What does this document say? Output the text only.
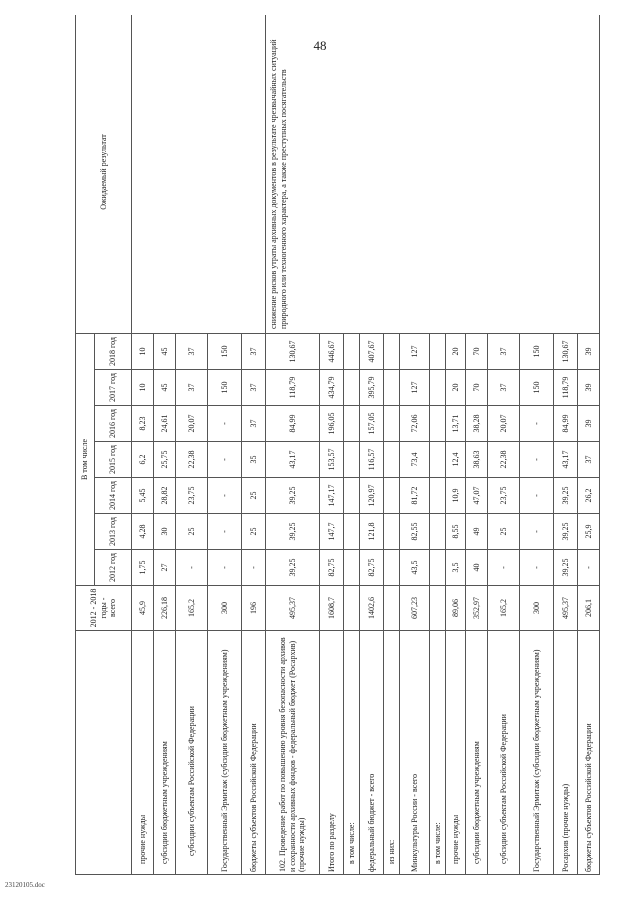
48
	2012 - 2018 годы - всего	В том числе							Ожидаемый результат
		2012 год	2013 год	2014 год	2015 год	2016 год	2017 год	2018 год	
прочие нужды	45,9	1,75	4,28	5,45	6,2	8,23	10	10	
субсидии бюджетным учреждениям	226,18	27	30	28,82	25,75	24,61	45	45	
субсидии субъектам Российской Федерации	165,2	-	25	23,75	22,38	20,07	37	37	
Государственный Эрмитаж (субсидии бюджетным учреждениям)	300	-	-	-	-	-	150	150	
бюджеты субъектов Российской Федерации	196	-	25	25	35	37	37	37	
102. Проведение работ по повышению уровня безопасности архивов и сохранности архивных фондов - федеральный бюджет (Росархив) (прочие нужды)	495,37	39,25	39,25	39,25	43,17	84,99	118,79	130,67	снижение рисков утраты архивных документов в результате чрезвычайных ситуаций природного или техногенного характера, а также преступных посягательств
Итого по разделу	1608,7	82,75	147,7	147,17	153,57	196,05	434,79	446,67	
в том числе:									
федеральный бюджет - всего	1402,6	82,75	121,8	120,97	116,57	157,05	395,79	407,67	
из них:									
Минкультуры России - всего	607,23	43,5	82,55	81,72	73,4	72,06	127	127	
в том числе:									
прочие нужды	89,06	3,5	8,55	10,9	12,4	13,71	20	20	
субсидии бюджетным учреждениям	352,97	40	49	47,07	38,63	38,28	70	70	
субсидии субъектам Российской Федерации	165,2	-	25	23,75	22,38	20,07	37	37	
Государственный Эрмитаж (субсидии бюджетным учреждениям)	300	-	-	-	-	-	150	150	
Росархив (прочие нужды)	495,37	39,25	39,25	39,25	43,17	84,99	118,79	130,67	
бюджеты субъектов Российской Федерации	206,1	-	25,9	26,2	37	39	39	39	
23120105.doc
